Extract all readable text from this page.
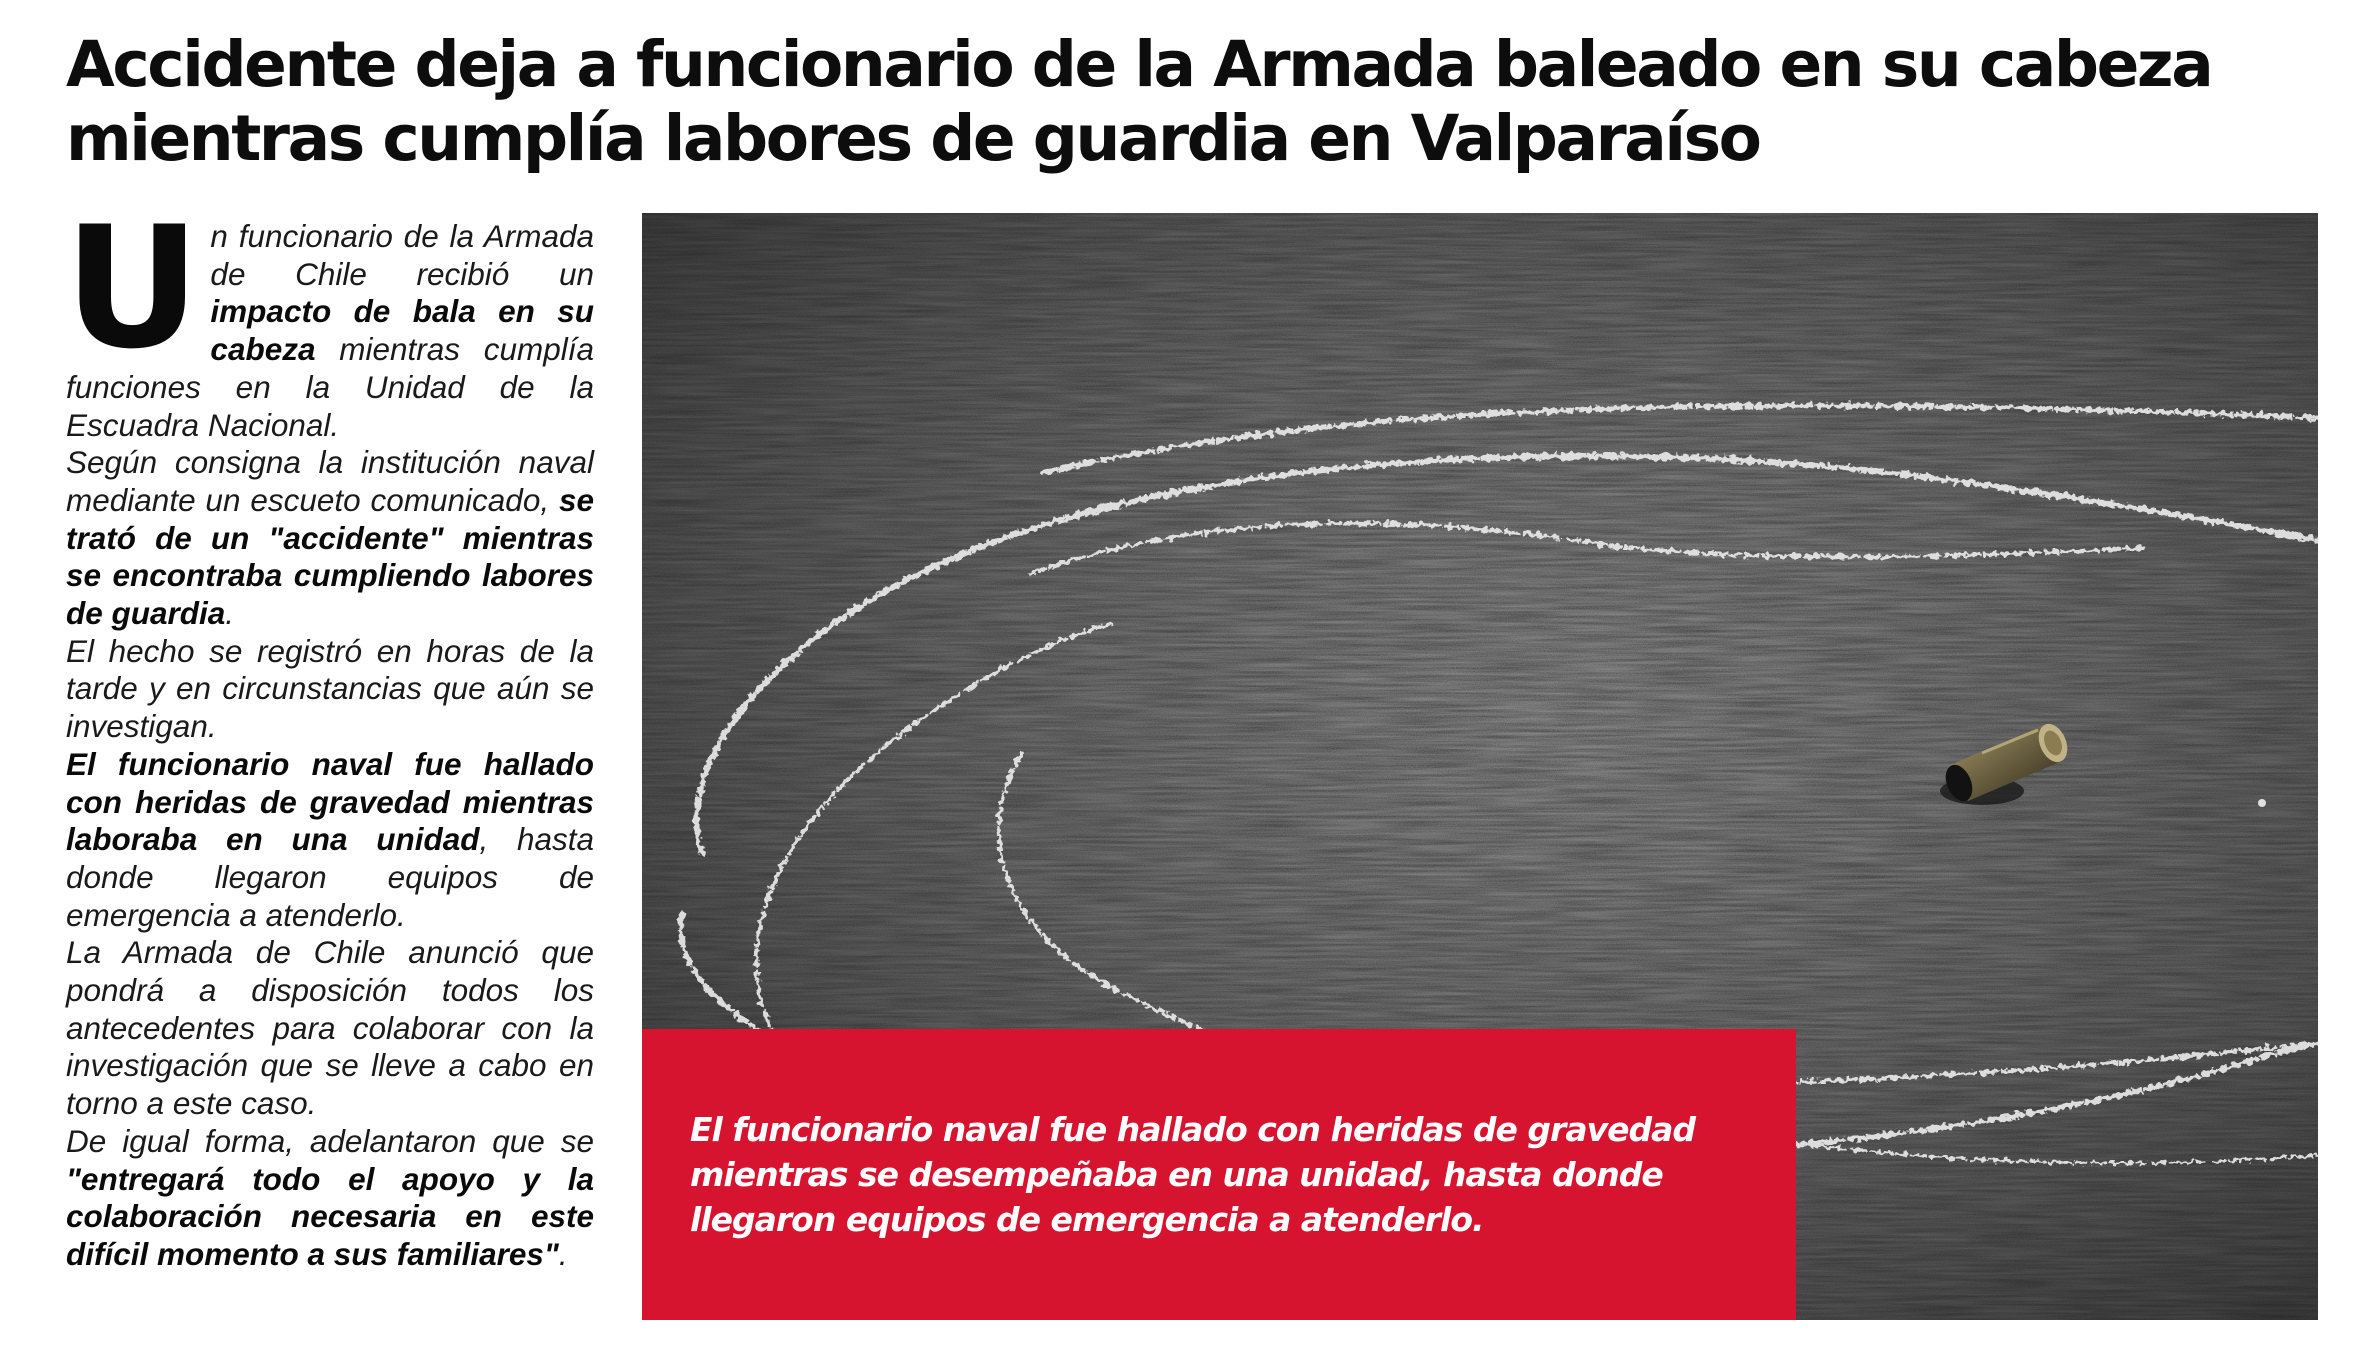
Accidente deja a funcionario de la Armada baleado en su cabeza
mientras cumplía labores de guardia en Valparaíso

Un funcionario de la Armada de Chile recibió un impacto de bala en su cabeza mientras cumplía funciones en la Unidad de la Escuadra Nacional.

Según consigna la institución naval mediante un escueto comunicado, se trató de un "accidente" mientras se encontraba cumpliendo labores de guardia.

El hecho se registró en horas de la tarde y en circunstancias que aún se investigan.

El funcionario naval fue hallado con heridas de gravedad mientras laboraba en una unidad, hasta donde llegaron equipos de emergencia a atenderlo.

La Armada de Chile anunció que pondrá a disposición todos los antecedentes para colaborar con la investigación que se lleve a cabo en torno a este caso.

De igual forma, adelantaron que se "entregará todo el apoyo y la colaboración necesaria en este difícil momento a sus familiares".

El funcionario naval fue hallado con heridas de gravedad mientras se desempeñaba en una unidad, hasta donde llegaron equipos de emergencia a atenderlo.
